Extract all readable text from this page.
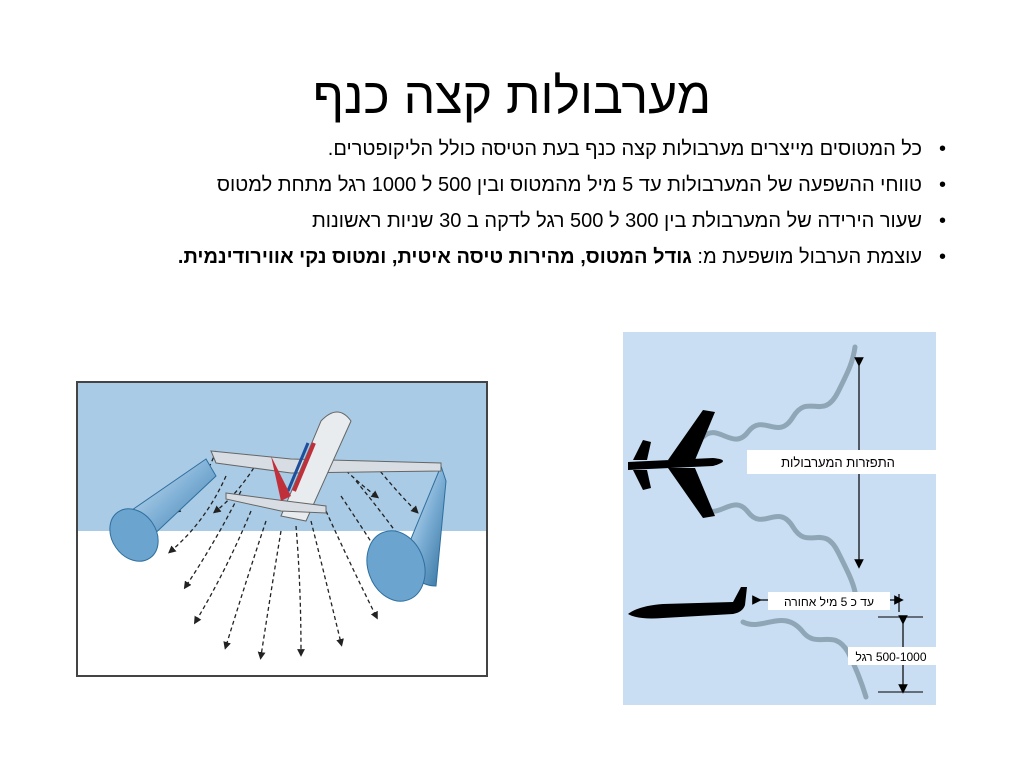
מערבולות קצה כנף
•
כל המטוסים מייצרים מערבולות קצה כנף בעת הטיסה כולל הליקופטרים.
•
טווחי ההשפעה של המערבולות עד 5 מיל מהמטוס ובין 500 ל 1000 רגל מתחת למטוס
•
שעור הירידה של המערבולת בין 300 ל 500 רגל לדקה ב 30 שניות ראשונות
•
עוצמת הערבול מושפעת מ: גודל המטוס, מהירות טיסה איטית, ומטוס נקי אווירודינמית.
התפזרות המערבולות
עד כ 5 מיל אחורה
500-1000 רגל
